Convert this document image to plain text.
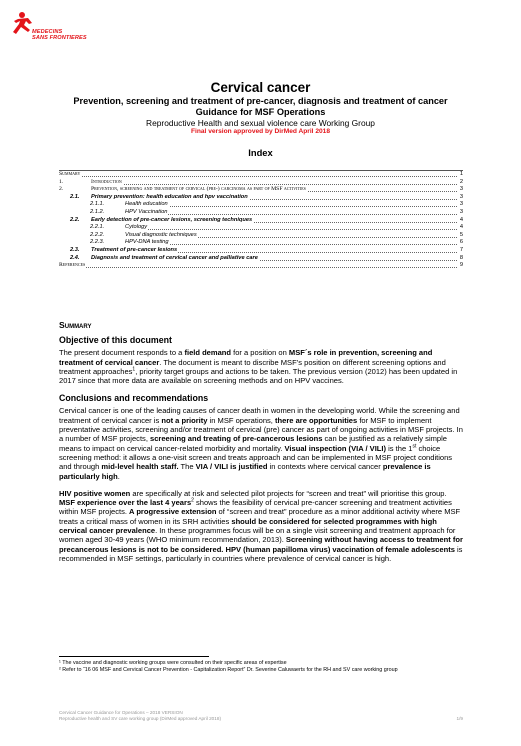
MEDECINS
SANS FRONTIERES
Cervical cancer
Prevention, screening and treatment of pre-cancer, diagnosis and treatment of cancer
Guidance for MSF Operations
Reproductive Health and sexual violence care Working Group
Final version approved by DirMed April 2018
Index
Summary	1
1.	Introduction	2
2.	Prevention, screening and treatment of cervical (pre-) carcinoma as part of MSF activities	3
2.1. Primary prevention: health education and hpv vaccination	3
2.1.1.	Health education	3
2.1.2.	HPV Vaccination	3
2.2. Early detection of pre-cancer lesions, screening techniques	4
2.2.1.	Cytology	4
2.2.2.	Visual diagnostic techniques	5
2.2.3.	HPV-DNA testing	6
2.3. Treatment of pre-cancer lesions	7
2.4. Diagnosis and treatment of cervical cancer and palliative care	8
References	9
Summary
Objective of this document

The present document responds to a field demand for a position on MSF´s role in prevention, screening and treatment of cervical cancer. The document is meant to discribe MSF’s position on different screening options and treatment approaches$^1$, priority target groups and actions to be taken. The previous version (2012) has been updated in 2017 since that more data are available on screening methods and on HPV vaccines.

Conclusions and recommendations

Cervical cancer is one of the leading causes of cancer death in women in the developing world. While the screening and treatment of cervical cancer is not a priority in MSF operations, there are opportunities for MSF to implement preventative activities, screening and/or treatment of cervical (pre) cancer as part of ongoing activities in MSF projects. In a number of MSF projects, screening and treating of pre-cancerous lesions can be justified as a relatively simple means to impact on cervical cancer-related morbidity and mortality. Visual inspection (VIA / VILI) is the 1st choice screening method: it allows a one-visit screen and treats approach and can be implemented in MSF project conditions and through mid-level health staff. The VIA / VILI is justified in contexts where cervical cancer prevalence is particularly high.

HIV positive women are specifically at risk and selected pilot projects for “screen and treat” will prioritise this group. MSF experience over the last 4 years$^2$ shows the feasibility of cervical pre-cancer screening and treatment activities within MSF projects. A progressive extension of “screen and treat” procedure as a minor additional activity where MSF treats a critical mass of women in its SRH activities should be considered for selected programmes with high cervical cancer prevalence. In these programmes focus will be on a single visit screening and treatment approach for women aged 30-49 years (WHO minimum recommendation, 2013). Screening without having access to treatment for precancerous lesions is not to be considered. HPV (human papilloma virus) vaccination of female adolescents is recommended in MSF settings, particularly in countries where prevalence of cervical cancer is high.

¹ The vaccine and diagnostic working groups were consulted on their specific areas of expertise
² Refer to “16 06 MSF and Cervical Cancer Prevention - Capitalization Report” Dr. Severine Caluwaerts for the RH and SV care working group
Cervical Cancer Guidance for Operations – 2018 VERSION
Reproductive health and SV care working group (DirMed approved April 2018)	1/9
